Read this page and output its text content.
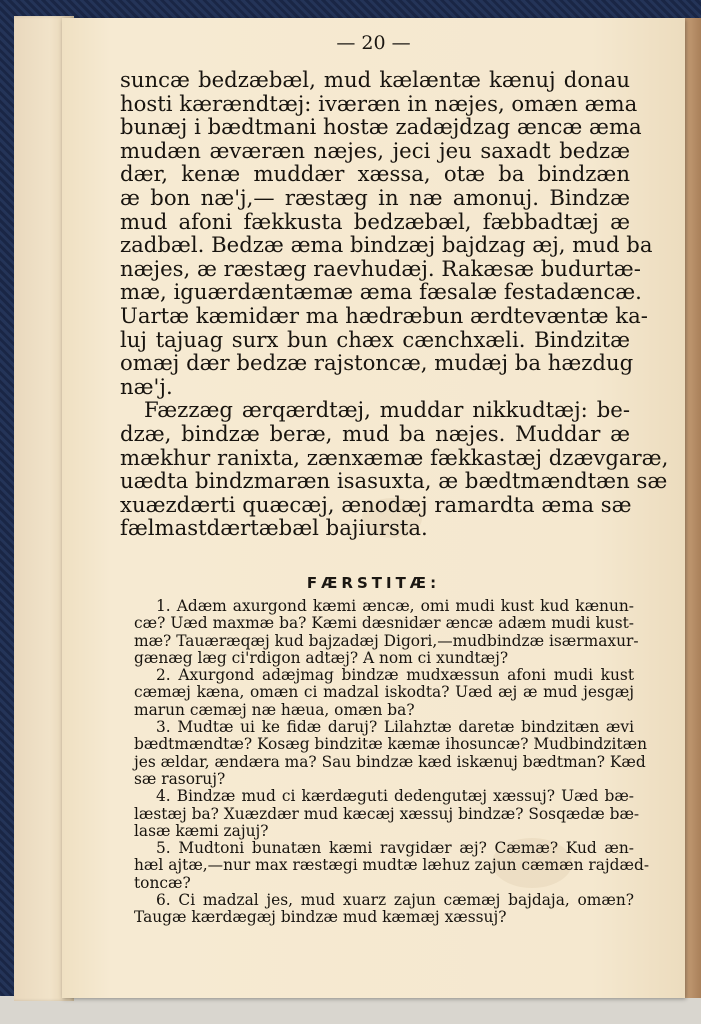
— 20 —
suncæ bedzæbæl, mud kælæntæ kænuj donau
hosti kærændtæj: iværæn in næjes, omæn æma
bunæj i bædtmani hostæ zadæjdzag æncæ æma
mudæn æværæn næjes, jeci jeu saxadt bedzæ
dær, kenæ muddær xæssa, otæ ba bindzæn
æ bon næ'j,— ræstæg in næ amonuj. Bindzæ
mud afoni fækkusta bedzæbæl, fæbbadtæj æ
zadbæl. Bedzæ æma bindzæj bajdzag æj, mud ba
næjes, æ ræstæg raevhudæj. Rakæsæ budurtæ-
mæ, iguærdæntæmæ æma fæsalæ festadæncæ.
Uartæ kæmidær ma hædræbun ærdtevæntæ ka-
luj tajuag surx bun chæx cænchxæli. Bindzitæ
omæj dær bedzæ rajstoncæ, mudæj ba hæzdug
næ'j.
Fæzzæg ærqærdtæj, muddar nikkudtæj: be-
dzæ, bindzæ beræ, mud ba næjes. Muddar æ
mækhur ranixta, zænxæmæ fækkastæj dzævgaræ,
uædta bindzmaræn isasuxta, æ bædtmændtæn sæ
xuæzdærti quæcæj, ænodæj ramardta æma sæ
fælmastdærtæbæl bajiursta.
FÆRSTITÆ:
1. Adæm axurgond kæmi æncæ, omi mudi kust kud kænun-
cæ? Uæd maxmæ ba? Kæmi dæsnidær æncæ adæm mudi kust-
mæ? Tauæræqæj kud bajzadæj Digori,—mudbindzæ isærmaxur-
gænæg læg ci'rdigon adtæj? A nom ci xundtæj?
2. Axurgond adæjmag bindzæ mudxæssun afoni mudi kust
cæmæj kæna, omæn ci madzal iskodta? Uæd æj æ mud jesgæj
marun cæmæj næ hæua, omæn ba?
3. Mudtæ ui ke fidæ daruj? Lilahztæ daretæ bindzitæn ævi
bædtmændtæ? Kosæg bindzitæ kæmæ ihosuncæ? Mudbindzitæn
jes ældar, ændæra ma? Sau bindzæ kæd iskænuj bædtman? Kæd
sæ rasoruj?
4. Bindzæ mud ci kærdæguti dedengutæj xæssuj? Uæd bæ-
læstæj ba? Xuæzdær mud kæcæj xæssuj bindzæ? Sosqædæ bæ-
lasæ kæmi zajuj?
5. Mudtoni bunatæn kæmi ravgidær æj? Cæmæ? Kud æn-
hæl ajtæ,—nur max ræstægi mudtæ læhuz zajun cæmæn rajdæd-
toncæ?
6. Ci madzal jes, mud xuarz zajun cæmæj bajdaja, omæn?
Taugæ kærdægæj bindzæ mud kæmæj xæssuj?
